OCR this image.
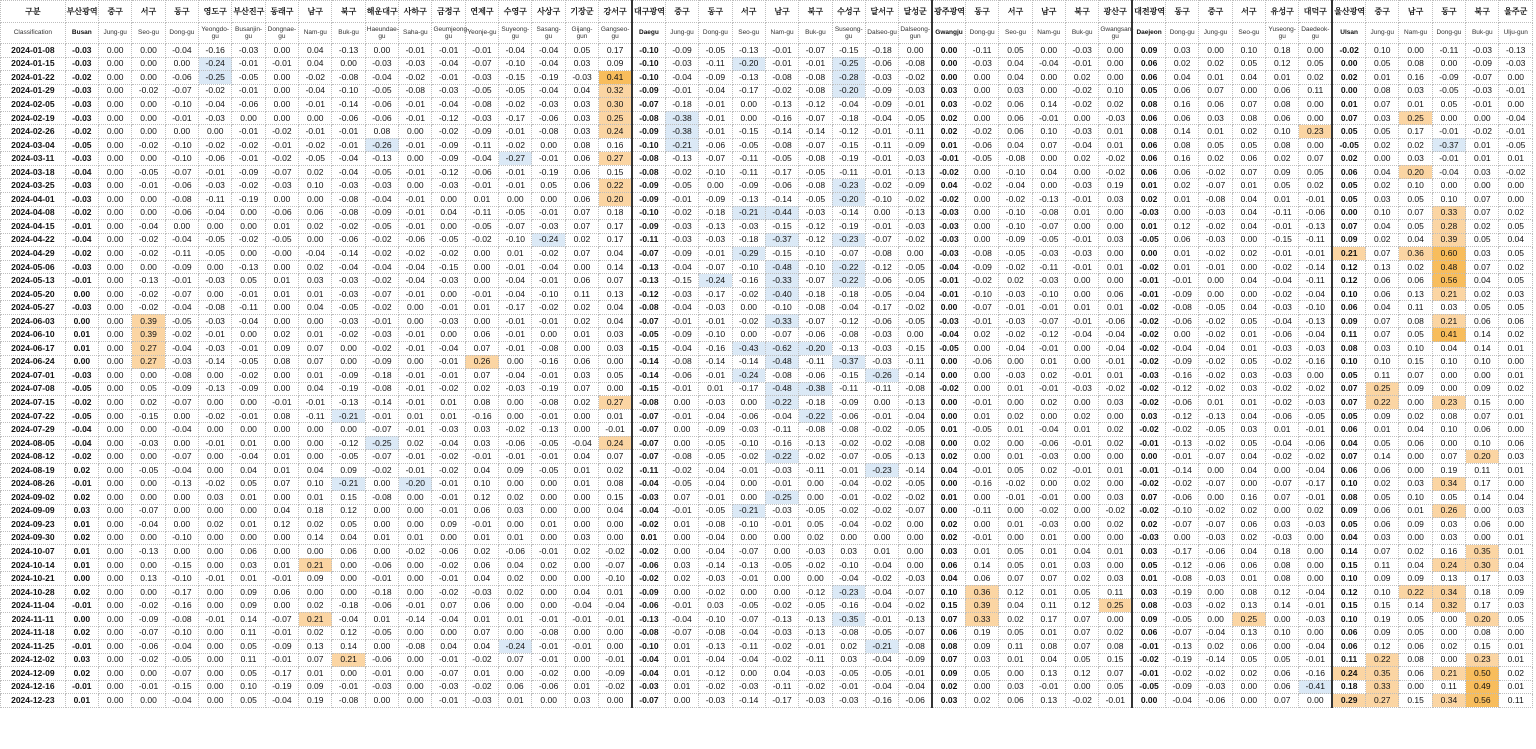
구분	부산광역	중구	서구	동구	영도구	부산진구	동래구	남구	북구	해운대구	사하구	금정구	연제구	수영구	사상구	기장군	강서구	대구광역	중구	동구	서구	남구	북구	수성구	달서구	달성군	광주광역	동구	서구	남구	북구	광산구	대전광역	동구	중구	서구	유성구	대덕구	울산광역	중구	남구	동구	북구	울주군
Classification	Busan	Jung-gu	Seo-gu	Dong-gu	Yeongdo-gu	Busanjin-gu	Dongnae-gu	Nam-gu	Buk-gu	Haeundae-gu	Saha-gu	Geumjeong-gu	Yeonje-gu	Suyeong-gu	Sasang-gu	Gijang-gun	Gangseo-gu	Daegu	Jung-gu	Dong-gu	Seo-gu	Nam-gu	Buk-gu	Suseong-gu	Dalseo-gu	Dalseong-gun	Gwangju	Dong-gu	Seo-gu	Nam-gu	Buk-gu	Gwangsan-gu	Daejeon	Dong-gu	Jung-gu	Seo-gu	Yuseong-gu	Daedeok-gu	Ulsan	Jung-gu	Nam-gu	Dong-gu	Buk-gu	Ulju-gun
2024-01-08	-0.03	0.00	0.00	-0.04	-0.16	-0.03	0.00	0.04	-0.13	0.00	-0.01	-0.01	-0.01	-0.04	-0.04	0.05	0.17	-0.10	-0.09	-0.05	-0.13	-0.01	-0.07	-0.15	-0.18	0.00	0.00	-0.11	0.05	0.00	-0.03	0.00	0.09	0.03	0.00	0.10	0.18	0.00	-0.02	0.10	0.00	-0.11	-0.03	-0.13
2024-01-15	-0.03	0.00	0.00	0.00	-0.24	-0.01	-0.01	0.04	0.00	-0.03	-0.03	-0.04	-0.07	-0.10	-0.04	0.03	0.09	-0.10	-0.03	-0.11	-0.20	-0.01	-0.01	-0.25	-0.06	-0.08	0.00	-0.03	0.04	-0.04	-0.01	0.00	0.06	0.02	0.02	0.05	0.12	0.05	0.00	0.05	0.08	0.00	-0.09	-0.03
2024-01-22	-0.02	0.00	0.00	-0.06	-0.25	-0.05	0.00	-0.02	-0.08	-0.04	-0.02	-0.01	-0.03	-0.15	-0.19	-0.03	0.41	-0.10	-0.04	-0.09	-0.13	-0.08	-0.08	-0.28	-0.03	-0.02	0.00	0.00	0.04	0.00	0.02	0.00	0.06	0.04	0.01	0.04	0.01	0.02	0.02	0.01	0.16	-0.09	-0.07	0.00
2024-01-29	-0.03	0.00	-0.02	-0.07	-0.02	-0.01	0.00	-0.04	-0.10	-0.05	-0.08	-0.03	-0.05	-0.05	-0.04	0.04	0.32	-0.09	-0.01	-0.04	-0.17	-0.02	-0.08	-0.20	-0.09	-0.03	0.03	0.00	0.03	0.00	-0.02	0.10	0.05	0.06	0.07	0.00	0.06	0.11	0.00	0.08	0.03	-0.05	-0.03	-0.01
2024-02-05	-0.03	0.00	0.00	-0.10	-0.04	-0.06	0.00	-0.01	-0.14	-0.06	-0.01	-0.04	-0.08	-0.02	-0.03	0.03	0.30	-0.07	-0.18	-0.01	0.00	-0.13	-0.12	-0.04	-0.09	-0.01	0.03	-0.02	0.06	0.14	-0.02	0.02	0.08	0.16	0.06	0.07	0.08	0.00	0.01	0.07	0.01	0.05	-0.01	0.00
2024-02-19	-0.03	0.00	0.00	-0.01	-0.03	0.00	0.00	0.00	-0.06	-0.06	-0.01	-0.12	-0.03	-0.17	-0.06	0.03	0.25	-0.08	-0.38	-0.01	0.00	-0.16	-0.07	-0.18	-0.04	-0.05	0.02	0.00	0.06	-0.01	0.00	-0.03	0.06	0.06	0.03	0.08	0.06	0.00	0.07	0.03	0.25	0.00	0.00	-0.04
2024-02-26	-0.02	0.00	0.00	0.00	0.00	-0.01	-0.02	-0.01	-0.01	0.08	0.00	-0.02	-0.09	-0.01	-0.08	0.03	0.24	-0.09	-0.38	-0.01	-0.15	-0.14	-0.14	-0.12	-0.01	-0.11	0.02	-0.02	0.06	0.10	-0.03	0.01	0.08	0.14	0.01	0.02	0.10	0.23	0.05	0.05	0.17	-0.01	-0.02	-0.01
2024-03-04	-0.05	0.00	-0.02	-0.10	-0.02	-0.02	-0.01	-0.02	-0.01	-0.26	-0.01	-0.09	-0.11	-0.02	0.00	0.08	0.16	-0.10	-0.21	-0.06	-0.05	-0.08	-0.07	-0.15	-0.11	-0.09	0.01	-0.06	0.04	0.07	-0.04	0.01	0.06	0.08	0.05	0.05	0.08	0.00	-0.05	0.02	0.02	-0.37	0.01	-0.05
2024-03-11	-0.03	0.00	0.00	-0.10	-0.06	-0.01	-0.02	-0.05	-0.04	-0.13	0.00	-0.09	-0.04	-0.27	-0.01	0.06	0.27	-0.08	-0.13	-0.07	-0.11	-0.05	-0.08	-0.19	-0.01	-0.03	-0.01	-0.05	-0.08	0.00	0.02	-0.02	0.06	0.16	0.02	0.06	0.02	0.07	0.02	0.00	0.03	-0.01	0.01	0.01
2024-03-18	-0.04	0.00	-0.05	-0.07	-0.01	-0.09	-0.07	0.02	-0.04	-0.05	-0.01	-0.12	-0.06	-0.01	-0.19	0.06	0.15	-0.08	-0.02	-0.10	-0.11	-0.17	-0.05	-0.11	-0.01	-0.13	-0.02	0.00	-0.10	0.04	0.00	-0.02	0.06	0.06	-0.02	0.07	0.09	0.05	0.06	0.04	0.20	-0.04	0.03	-0.02
2024-03-25	-0.03	0.00	-0.01	-0.06	-0.03	-0.02	-0.03	0.10	-0.03	-0.03	0.00	-0.03	-0.01	-0.01	0.05	0.06	0.22	-0.09	-0.05	0.00	-0.09	-0.06	-0.08	-0.23	-0.02	-0.09	0.04	-0.02	-0.04	0.00	-0.03	0.19	0.01	0.02	-0.07	0.01	0.05	0.02	0.05	0.02	0.10	0.00	0.00	0.00
2024-04-01	-0.03	0.00	0.00	-0.08	-0.11	-0.19	0.00	0.00	-0.08	-0.04	-0.01	0.00	0.01	0.00	0.00	0.06	0.20	-0.09	-0.01	-0.09	-0.13	-0.14	-0.05	-0.20	-0.10	-0.02	-0.02	0.00	-0.02	-0.13	-0.01	0.03	0.02	0.01	-0.08	0.04	0.01	-0.01	0.05	0.03	0.05	0.10	0.07	0.00
2024-04-08	-0.02	0.00	0.00	-0.06	-0.04	0.00	-0.06	0.06	-0.08	-0.09	-0.01	0.04	-0.11	-0.05	-0.01	0.07	0.18	-0.10	-0.02	-0.18	-0.21	-0.44	-0.03	-0.14	0.00	-0.13	-0.03	0.00	-0.10	-0.08	0.01	0.00	-0.03	0.00	-0.03	0.04	-0.11	-0.06	0.00	0.10	0.07	0.33	0.07	0.02
2024-04-15	-0.01	0.00	-0.04	0.00	0.00	0.00	0.01	0.02	-0.02	-0.05	-0.01	0.00	-0.05	-0.07	-0.03	0.07	0.17	-0.09	-0.03	-0.13	-0.03	-0.15	-0.12	-0.19	-0.01	-0.03	-0.03	0.00	-0.10	-0.07	0.00	0.00	0.01	0.12	-0.02	0.04	-0.01	-0.13	0.07	0.04	0.05	0.28	0.02	0.05
2024-04-22	-0.04	0.00	-0.02	-0.04	-0.05	-0.02	-0.05	0.00	-0.06	-0.02	-0.06	-0.05	-0.02	-0.10	-0.24	0.02	0.17	-0.11	-0.03	-0.03	-0.18	-0.37	-0.12	-0.23	-0.07	-0.02	-0.03	0.00	-0.09	-0.05	-0.01	0.03	-0.05	0.06	-0.03	0.00	-0.15	-0.11	0.09	0.02	0.04	0.39	0.05	0.04
2024-04-29	-0.02	0.00	-0.02	-0.11	-0.05	0.00	-0.00	-0.04	-0.14	-0.02	-0.02	-0.02	0.00	0.01	-0.02	0.07	0.04	-0.07	-0.09	-0.01	-0.29	-0.15	-0.10	-0.07	-0.08	0.00	-0.03	-0.08	-0.05	-0.03	-0.03	0.00	0.00	0.01	-0.02	0.02	-0.01	-0.01	0.21	0.07	0.36	0.60	0.03	0.05
2024-05-06	-0.03	0.00	0.00	-0.09	0.00	-0.13	0.00	0.02	-0.04	-0.04	-0.04	-0.15	0.00	-0.01	-0.04	0.00	0.14	-0.13	-0.04	-0.07	-0.10	-0.48	-0.10	-0.22	-0.12	-0.05	-0.04	-0.09	-0.02	-0.11	-0.01	0.01	-0.02	0.01	-0.01	0.00	-0.02	-0.14	0.12	0.13	0.02	0.48	0.07	0.02
2024-05-13	-0.01	0.00	-0.13	-0.01	-0.03	0.05	0.01	0.03	-0.03	-0.02	-0.04	-0.03	0.00	-0.04	-0.01	0.06	0.07	-0.13	-0.15	-0.24	-0.16	-0.33	-0.07	-0.22	-0.06	-0.05	-0.01	-0.02	0.02	-0.03	0.00	0.00	-0.01	-0.01	0.00	0.04	-0.04	-0.11	0.12	0.06	0.06	0.56	0.04	0.05
2024-05-20	0.00	0.00	-0.02	-0.07	0.00	-0.01	0.01	0.01	-0.03	-0.07	-0.01	0.00	-0.01	-0.04	-0.10	0.11	0.13	-0.12	-0.03	-0.17	-0.02	-0.40	-0.18	-0.18	-0.05	-0.04	-0.01	-0.10	-0.03	-0.10	0.00	0.06	-0.01	-0.09	0.00	0.00	-0.02	-0.04	0.10	0.06	0.13	0.21	0.02	0.03
2024-05-27	-0.03	0.00	-0.02	-0.04	-0.08	-0.11	0.00	0.04	-0.05	-0.02	0.00	-0.01	0.01	-0.17	-0.02	0.02	0.04	-0.08	-0.04	-0.03	0.00	-0.10	-0.08	-0.04	-0.17	-0.02	0.00	-0.07	-0.01	-0.01	0.01	0.01	-0.02	-0.08	-0.05	0.04	-0.03	-0.10	0.06	0.04	0.11	0.03	0.05	0.05
2024-06-03	0.00	0.00	0.39	-0.05	-0.03	-0.04	0.00	0.00	-0.03	-0.01	0.00	-0.03	0.00	-0.01	-0.01	0.02	0.04	-0.07	-0.01	-0.01	-0.02	-0.33	-0.07	-0.12	-0.06	-0.05	-0.03	-0.01	-0.03	-0.07	-0.01	-0.06	-0.02	-0.06	-0.02	0.05	-0.04	-0.13	0.09	0.07	0.08	0.21	0.06	0.06
2024-06-10	0.01	0.00	0.39	-0.02	-0.01	0.00	0.02	0.01	-0.02	-0.03	-0.01	0.00	0.06	-0.01	0.00	0.01	0.03	-0.05	-0.09	-0.10	0.00	-0.07	-0.06	-0.08	-0.03	0.00	-0.04	0.02	-0.02	-0.12	-0.04	-0.04	-0.02	0.00	-0.02	0.01	-0.06	-0.04	0.11	0.07	0.05	0.41	0.14	0.02
2024-06-17	0.01	0.00	0.27	-0.04	-0.03	-0.01	0.09	0.07	0.00	-0.02	-0.01	-0.04	0.07	-0.01	-0.08	0.00	0.03	-0.15	-0.04	-0.16	-0.43	-0.62	-0.20	-0.13	-0.03	-0.15	-0.05	0.00	-0.04	-0.01	0.00	-0.04	-0.02	-0.04	-0.04	0.01	-0.03	-0.03	0.08	0.03	0.10	0.04	0.14	0.01
2024-06-24	0.00	0.00	0.27	-0.03	-0.14	-0.05	0.08	0.07	0.00	-0.09	0.00	-0.01	0.26	0.00	-0.16	0.06	0.00	-0.14	-0.08	-0.14	-0.14	-0.48	-0.11	-0.37	-0.03	-0.11	0.00	-0.06	0.00	0.01	0.00	-0.01	-0.02	-0.09	-0.02	0.05	-0.02	-0.16	0.10	0.10	0.15	0.10	0.10	0.00
2024-07-01	-0.03	0.00	0.00	-0.08	0.00	-0.02	0.00	0.01	-0.09	-0.18	-0.01	-0.01	0.07	-0.04	-0.01	0.03	0.05	-0.14	-0.06	-0.01	-0.24	-0.08	-0.06	-0.15	-0.26	-0.14	0.00	0.00	-0.03	0.02	-0.01	0.01	-0.03	-0.16	-0.02	0.03	-0.03	0.00	0.05	0.11	0.07	0.00	0.00	0.01
2024-07-08	-0.05	0.00	0.05	-0.09	-0.13	-0.09	0.00	0.04	-0.19	-0.08	-0.01	-0.02	0.02	-0.03	-0.19	0.07	0.00	-0.15	-0.01	0.01	-0.17	-0.48	-0.38	-0.11	-0.11	-0.08	-0.02	0.00	0.01	-0.01	-0.03	-0.02	-0.02	-0.12	-0.02	0.03	-0.02	-0.02	0.07	0.25	0.09	0.00	0.09	0.02
2024-07-15	-0.02	0.00	0.02	-0.07	0.00	0.00	-0.01	-0.01	-0.13	-0.14	-0.01	0.01	0.08	0.00	-0.08	0.02	0.27	-0.08	0.00	-0.03	0.00	-0.22	-0.18	-0.09	0.00	-0.13	0.00	-0.01	0.00	0.02	0.00	0.03	-0.02	-0.06	0.01	0.01	-0.02	-0.03	0.07	0.22	0.00	0.23	0.15	0.00
2024-07-22	-0.05	0.00	-0.15	0.00	-0.02	-0.01	0.08	-0.11	-0.21	-0.01	0.01	0.01	-0.16	0.00	-0.01	0.00	0.01	-0.07	-0.01	-0.04	-0.06	-0.04	-0.22	-0.06	-0.01	-0.04	0.00	0.01	0.02	0.00	0.02	0.00	0.03	-0.12	-0.13	0.04	-0.06	-0.05	0.05	0.09	0.02	0.08	0.07	0.01
2024-07-29	-0.04	0.00	0.00	-0.04	0.00	0.00	0.00	0.00	0.00	-0.07	-0.01	-0.03	0.03	-0.02	-0.13	0.00	-0.01	-0.07	0.00	-0.09	-0.03	-0.11	-0.08	-0.08	-0.02	-0.05	0.01	-0.05	0.01	-0.04	0.01	0.02	-0.02	-0.02	-0.05	0.03	0.01	-0.01	0.06	0.01	0.04	0.10	0.06	0.00
2024-08-05	-0.04	0.00	-0.03	0.00	-0.01	0.01	0.00	0.00	-0.12	-0.25	0.02	-0.04	0.03	-0.06	-0.05	-0.04	0.24	-0.07	0.00	-0.05	-0.10	-0.16	-0.13	-0.02	-0.02	-0.08	0.00	0.02	0.00	-0.06	-0.01	0.02	-0.01	-0.13	-0.02	0.05	-0.04	-0.06	0.04	0.05	0.06	0.00	0.10	0.06
2024-08-12	-0.02	0.00	0.00	-0.07	0.00	-0.04	0.01	0.00	-0.05	-0.07	-0.01	-0.02	-0.01	-0.01	-0.01	0.04	0.07	-0.07	-0.08	-0.05	-0.02	-0.22	-0.02	-0.07	-0.05	-0.13	0.02	0.00	0.01	-0.03	0.00	0.00	0.00	-0.01	-0.07	0.04	-0.02	-0.02	0.07	0.14	0.00	0.07	0.20	0.03
2024-08-19	0.02	0.00	-0.05	-0.04	0.00	0.04	0.01	0.04	0.09	-0.02	-0.01	-0.02	0.04	0.09	-0.05	0.01	0.02	-0.11	-0.02	-0.04	-0.01	-0.03	-0.11	-0.01	-0.23	-0.14	0.04	-0.01	0.05	0.02	-0.01	0.01	-0.01	-0.14	0.00	0.04	0.00	-0.04	0.06	0.06	0.00	0.19	0.11	0.01
2024-08-26	-0.01	0.00	0.00	-0.13	-0.02	0.05	0.07	0.10	-0.21	0.00	-0.20	-0.01	0.10	0.00	0.00	0.01	0.08	-0.04	-0.05	-0.04	0.00	-0.01	0.00	-0.04	-0.02	-0.05	0.00	-0.16	-0.02	0.00	0.02	0.00	-0.02	-0.02	-0.07	0.00	-0.07	-0.17	0.10	0.02	0.03	0.34	0.17	0.00
2024-09-02	0.02	0.00	0.00	0.00	0.03	0.01	0.00	0.01	0.15	-0.08	0.00	-0.01	0.12	0.02	0.00	0.00	0.15	-0.03	0.07	-0.01	0.00	-0.25	0.00	-0.01	-0.02	-0.02	0.01	0.00	-0.01	-0.01	0.00	0.03	0.07	-0.06	0.00	0.16	0.07	-0.01	0.08	0.05	0.10	0.05	0.14	0.04
2024-09-09	0.03	0.00	-0.07	0.00	0.00	0.00	0.04	0.18	0.12	0.00	0.00	-0.01	0.06	0.03	0.00	0.00	0.04	-0.04	-0.01	-0.05	-0.21	-0.03	-0.05	-0.02	-0.02	-0.07	0.00	-0.11	0.00	-0.02	0.00	-0.02	-0.02	-0.10	-0.02	0.02	0.00	0.02	0.09	0.06	0.01	0.26	0.00	0.03
2024-09-23	0.01	0.00	-0.04	0.00	0.02	0.01	0.12	0.02	0.05	0.00	0.00	0.09	-0.01	0.00	0.01	0.00	0.00	-0.02	0.01	-0.08	-0.10	-0.01	0.05	-0.04	-0.02	0.00	0.02	0.00	0.01	-0.03	0.00	0.02	0.02	-0.07	-0.07	0.06	0.03	-0.03	0.05	0.06	0.09	0.03	0.06	0.00
2024-09-30	0.02	0.00	0.00	-0.10	0.00	0.00	0.00	0.14	0.04	0.01	0.01	0.00	0.01	0.01	0.00	0.03	0.00	0.01	0.00	-0.04	0.00	0.00	0.02	0.00	0.00	0.00	0.02	-0.01	0.00	0.01	0.00	0.00	-0.03	0.00	-0.03	0.02	-0.03	0.00	0.04	0.03	0.00	0.03	0.00	0.01
2024-10-07	0.01	0.00	-0.13	0.00	0.00	0.06	0.00	0.00	0.06	0.00	-0.02	-0.06	0.02	-0.06	-0.01	0.02	-0.02	-0.02	0.00	-0.04	-0.07	0.00	-0.03	0.03	0.01	0.00	0.03	0.01	0.05	0.01	0.04	0.01	0.03	-0.17	-0.06	0.04	0.18	0.00	0.14	0.07	0.02	0.16	0.35	0.01
2024-10-14	0.01	0.00	0.00	-0.15	0.00	0.03	0.01	0.21	0.00	-0.06	0.00	-0.02	0.06	0.04	0.02	0.00	-0.07	-0.06	0.03	-0.14	-0.13	-0.05	-0.02	-0.10	-0.04	0.00	0.06	0.14	0.05	0.01	0.03	0.00	0.05	-0.12	-0.06	0.06	0.08	0.00	0.15	0.11	0.04	0.24	0.30	0.04
2024-10-21	0.00	0.00	0.13	-0.10	-0.01	0.01	-0.01	0.09	0.00	-0.01	0.00	-0.01	0.04	0.02	0.00	0.00	-0.10	-0.02	0.02	-0.03	-0.01	0.00	0.00	-0.04	-0.02	-0.03	0.04	0.06	0.07	0.07	0.02	0.03	0.01	-0.08	-0.03	0.01	0.08	0.00	0.10	0.09	0.09	0.13	0.17	0.03
2024-10-28	0.02	0.00	0.00	-0.17	0.00	0.09	0.06	0.00	0.00	-0.18	0.00	-0.02	-0.03	0.02	0.00	0.04	0.01	-0.09	0.00	-0.02	0.00	0.00	-0.12	-0.23	-0.04	-0.07	0.10	0.36	0.12	0.01	0.05	0.11	0.03	-0.19	0.00	0.08	0.12	-0.04	0.12	0.10	0.22	0.34	0.18	0.09
2024-11-04	-0.01	0.00	-0.02	-0.16	0.00	0.09	0.00	0.02	-0.18	-0.06	-0.01	0.07	0.06	0.00	0.00	-0.04	-0.04	-0.06	-0.01	0.03	-0.05	-0.02	-0.05	-0.16	-0.04	-0.02	0.15	0.39	0.04	0.11	0.12	0.25	0.08	-0.03	-0.02	0.13	0.14	-0.01	0.15	0.15	0.14	0.32	0.17	0.03
2024-11-11	0.00	0.00	-0.09	-0.08	-0.01	0.14	-0.07	0.21	-0.04	0.01	-0.14	-0.04	0.01	0.01	-0.01	-0.01	-0.01	-0.13	-0.04	-0.10	-0.07	-0.13	-0.13	-0.35	-0.01	-0.13	0.07	0.33	0.02	0.17	0.07	0.00	0.09	-0.05	0.00	0.25	0.00	-0.03	0.10	0.19	0.05	0.00	0.20	0.05
2024-11-18	0.02	0.00	-0.07	-0.10	0.00	0.11	-0.01	0.02	0.12	-0.05	0.00	0.00	0.07	0.00	-0.08	0.00	0.00	-0.08	-0.07	-0.08	-0.04	-0.03	-0.13	-0.08	-0.05	-0.07	0.06	0.19	0.05	0.01	0.07	0.02	0.06	-0.07	-0.04	0.13	0.10	0.00	0.06	0.09	0.05	0.00	0.08	0.00
2024-11-25	-0.01	0.00	-0.06	-0.04	0.00	0.05	-0.09	0.13	0.14	0.00	-0.08	0.04	0.04	-0.24	-0.01	-0.01	0.00	-0.10	0.01	-0.13	-0.11	-0.02	-0.01	0.02	-0.21	-0.08	0.08	0.09	0.11	0.08	0.07	0.08	-0.01	-0.13	0.02	0.06	0.00	-0.04	0.06	0.12	0.06	0.02	0.15	0.01
2024-12-02	0.03	0.00	-0.02	-0.05	0.00	0.11	-0.01	0.07	0.21	-0.06	0.00	-0.01	-0.02	0.07	-0.01	0.00	-0.01	-0.04	0.01	-0.04	-0.04	-0.02	-0.11	0.03	-0.04	-0.09	0.07	0.03	0.01	0.04	0.05	0.15	-0.02	-0.19	-0.14	0.05	0.05	-0.01	0.11	0.22	0.08	0.00	0.23	0.01
2024-12-09	0.02	0.00	0.00	-0.07	0.00	0.05	-0.17	0.01	0.00	-0.01	0.00	-0.07	0.01	0.00	-0.02	0.00	-0.09	-0.04	0.01	-0.12	0.00	0.04	-0.03	-0.05	-0.05	-0.01	0.09	0.05	0.00	0.13	0.12	0.07	-0.01	-0.02	-0.02	0.02	0.06	-0.16	0.24	0.35	0.06	0.21	0.50	0.02
2024-12-16	-0.01	0.00	-0.01	-0.15	0.00	0.10	-0.19	0.09	-0.01	-0.03	0.00	-0.03	-0.02	0.06	-0.06	0.01	-0.02	-0.03	0.01	-0.02	-0.03	-0.11	-0.02	-0.01	-0.04	-0.04	0.02	0.00	0.03	-0.01	0.00	0.05	-0.05	-0.09	-0.03	0.00	0.06	-0.41	0.18	0.33	0.00	0.11	0.49	0.01
2024-12-23	0.01	0.00	0.00	-0.04	0.00	0.05	-0.04	0.19	-0.08	0.00	0.00	-0.01	-0.03	0.01	0.00	0.03	0.00	-0.07	0.00	-0.03	-0.14	-0.17	-0.03	-0.03	-0.16	-0.06	0.03	0.02	0.06	0.13	-0.02	-0.01	0.00	-0.04	-0.06	0.00	0.07	0.00	0.29	0.27	0.15	0.34	0.56	0.11
